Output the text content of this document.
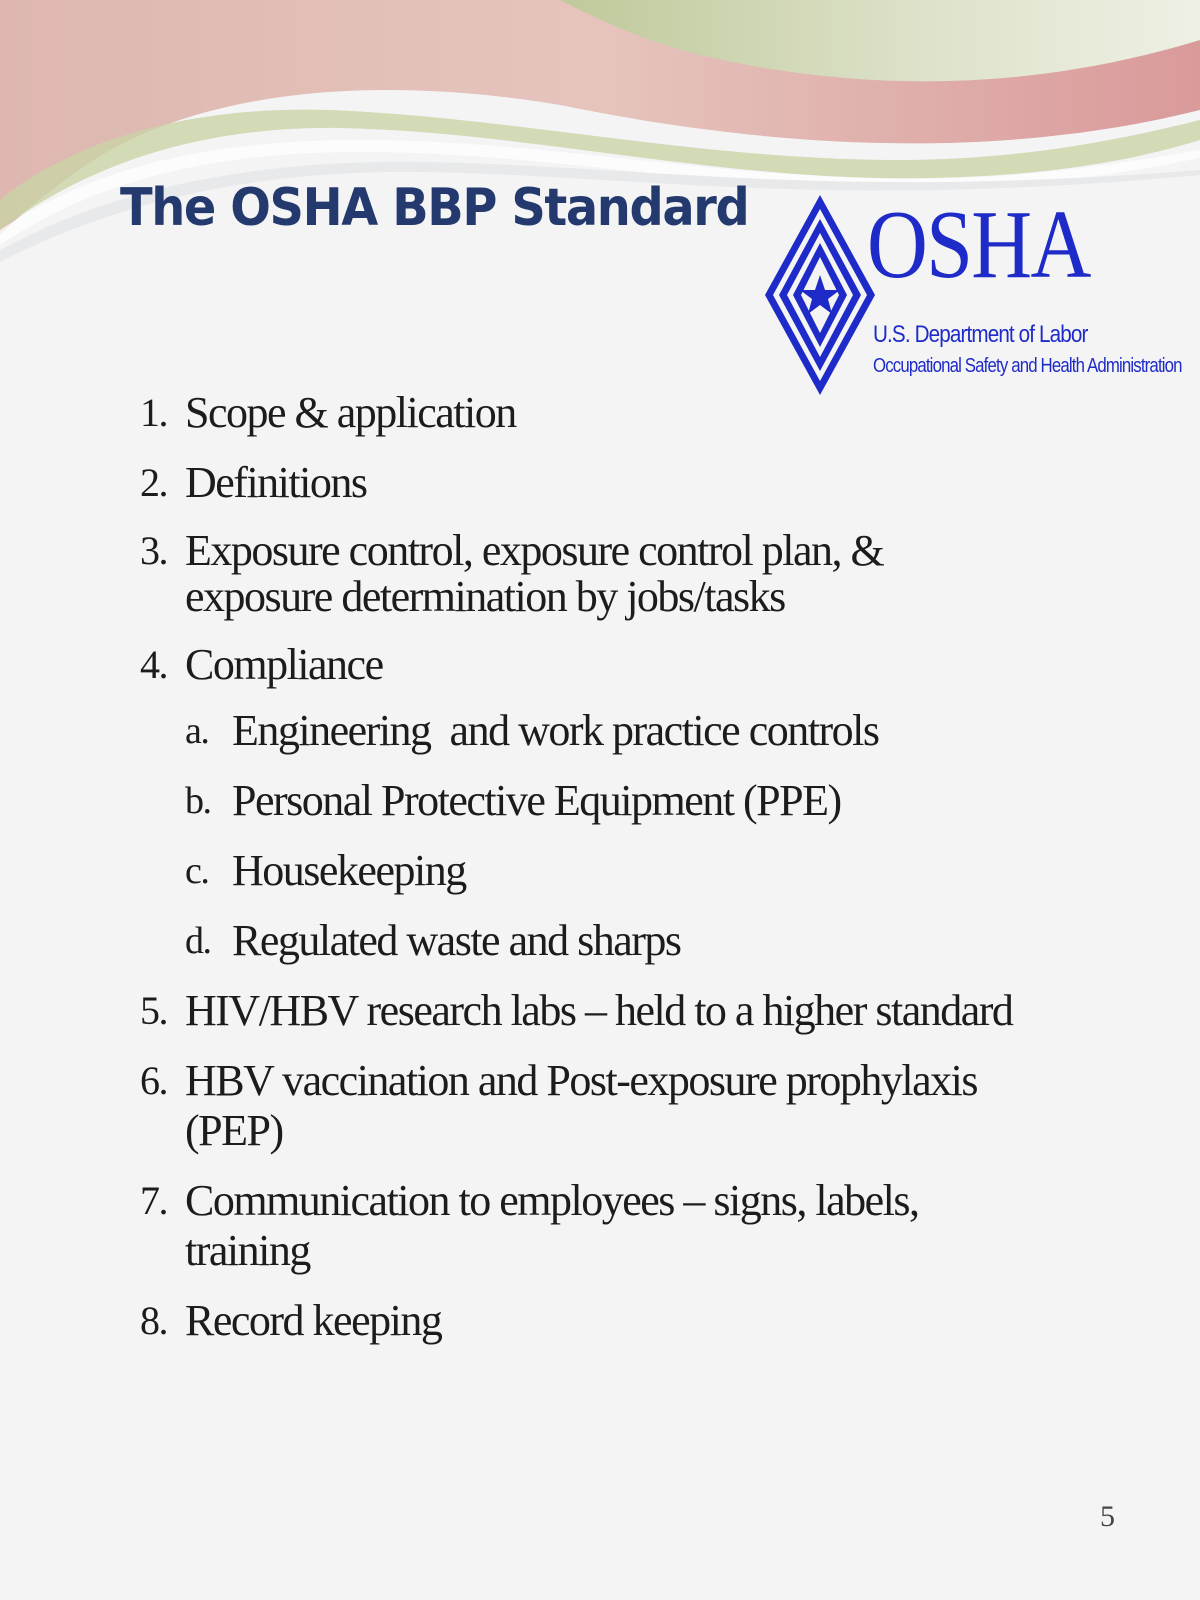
The OSHA BBP Standard OSHA
U.S. Department of Labor
Occupational Safety and Health Administration
1. Scope & application
2. Definitions
3. Exposure control, exposure control plan, & exposure determination by jobs/tasks
4. Compliance
a. Engineering  and work practice controls
b. Personal Protective Equipment (PPE)
c. Housekeeping
d. Regulated waste and sharps
5. HIV/HBV research labs – held to a higher standard
6. HBV vaccination and Post-exposure prophylaxis (PEP)
7. Communication to employees – signs, labels, training
8. Record keeping
5
